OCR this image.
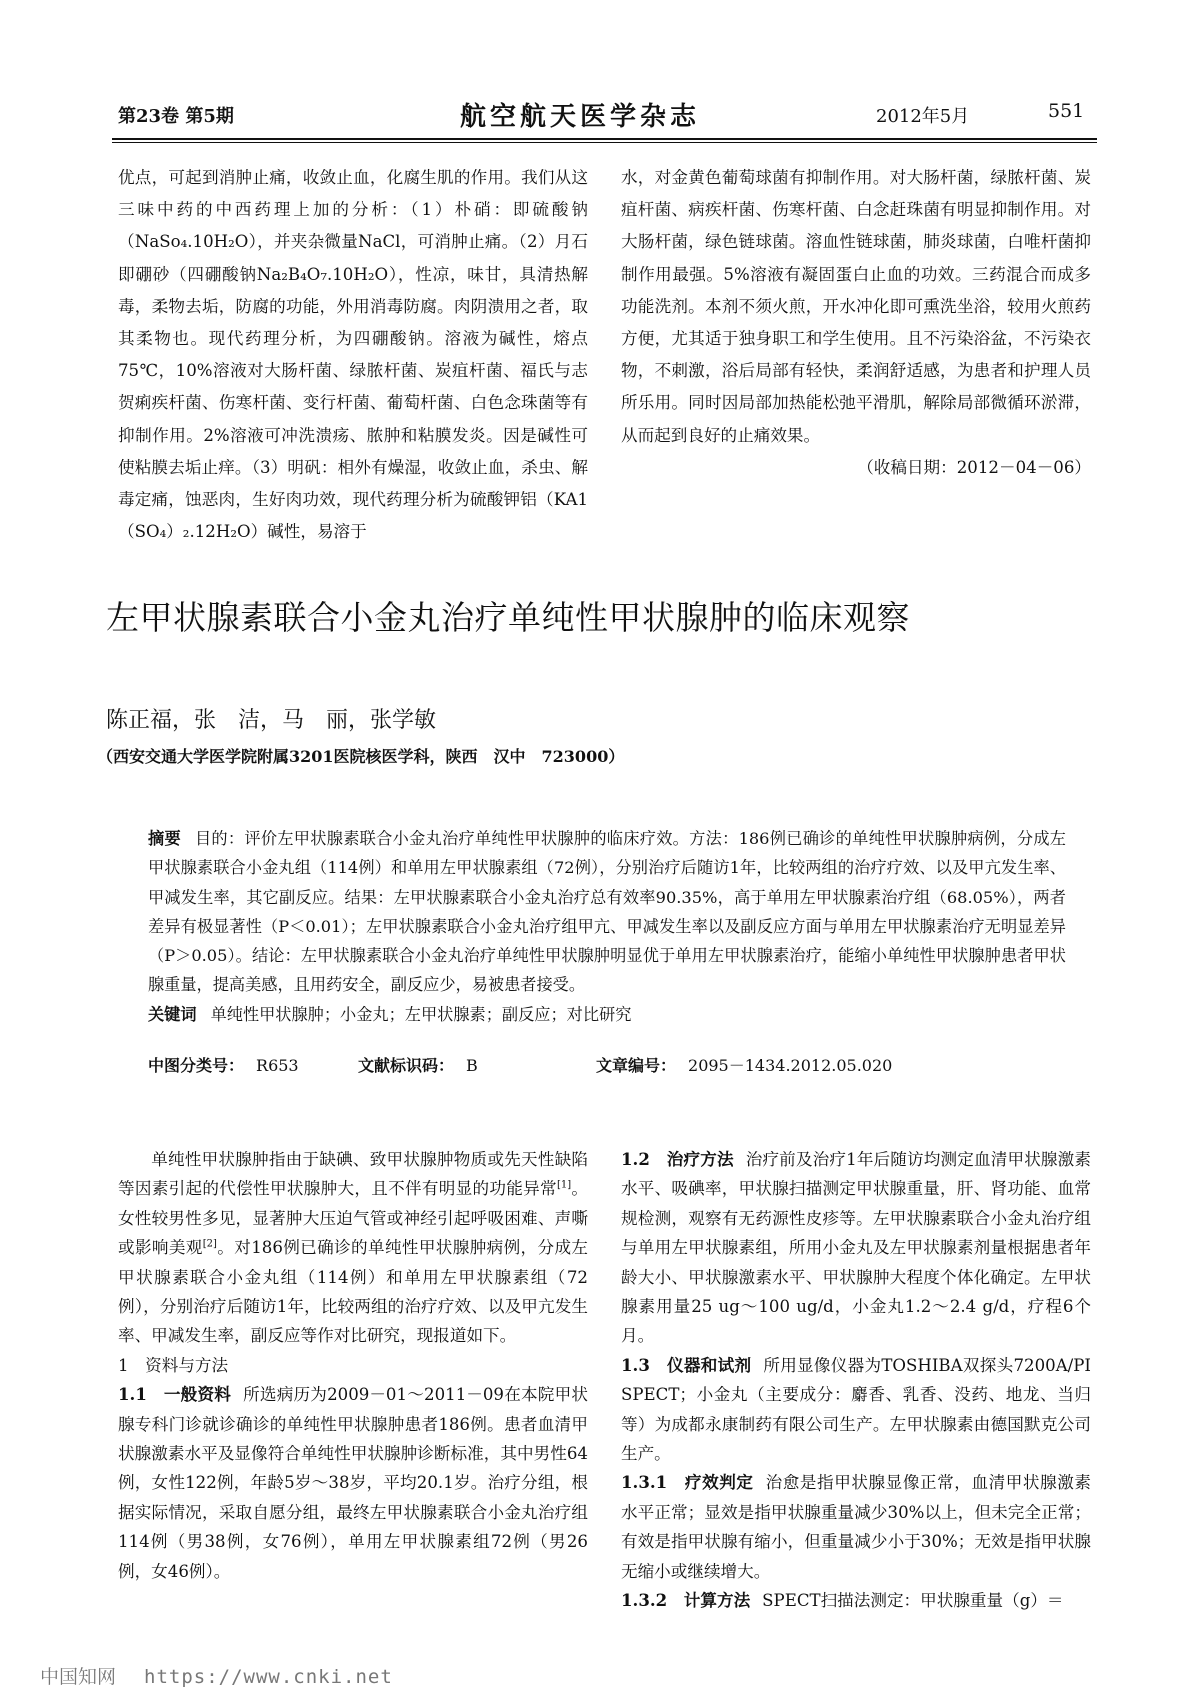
第23卷 第5期	航空航天医学杂志	2012年5月	551

优点，可起到消肿止痛，收敛止血，化腐生肌的作用。我们从这三味中药的中西药理上加的分析：（1）朴硝：即硫酸钠（NaSo₄.10H₂O），并夹杂微量NaCl，可消肿止痛。（2）月石即硼砂（四硼酸钠Na₂B₄O₇.10H₂O），性凉，味甘，具清热解毒，柔物去垢，防腐的功能，外用消毒防腐。肉阴溃用之者，取其柔物也。现代药理分析，为四硼酸钠。溶液为碱性，熔点75℃，10%溶液对大肠杆菌、绿脓杆菌、炭疽杆菌、福氏与志贺痢疾杆菌、伤寒杆菌、变行杆菌、葡萄杆菌、白色念珠菌等有抑制作用。2%溶液可冲洗溃疡、脓肿和粘膜发炎。因是碱性可使粘膜去垢止痒。（3）明矾：相外有燥湿，收敛止血，杀虫、解毒定痛，蚀恶肉，生好肉功效，现代药理分析为硫酸钾铝（KA1（SO₄）₂.12H₂O）碱性，易溶于

水，对金黄色葡萄球菌有抑制作用。对大肠杆菌，绿脓杆菌、炭疽杆菌、病疾杆菌、伤寒杆菌、白念赶珠菌有明显抑制作用。对大肠杆菌，绿色链球菌。溶血性链球菌，肺炎球菌，白唯杆菌抑制作用最强。5%溶液有凝固蛋白止血的功效。三药混合而成多功能洗剂。本剂不须火煎，开水冲化即可熏洗坐浴，较用火煎药方便，尤其适于独身职工和学生使用。且不污染浴盆，不污染衣物，不刺激，浴后局部有轻快，柔润舒适感，为患者和护理人员所乐用。同时因局部加热能松弛平滑肌，解除局部微循环淤滞，从而起到良好的止痛效果。

（收稿日期：2012－04－06）

左甲状腺素联合小金丸治疗单纯性甲状腺肿的临床观察
陈正福，张　洁，马　丽，张学敏
（西安交通大学医学院附属3201医院核医学科，陕西　汉中　723000）

摘要 目的：评价左甲状腺素联合小金丸治疗单纯性甲状腺肿的临床疗效。方法：186例已确诊的单纯性甲状腺肿病例，分成左甲状腺素联合小金丸组（114例）和单用左甲状腺素组（72例），分别治疗后随访1年，比较两组的治疗疗效、以及甲亢发生率、甲减发生率，其它副反应。结果：左甲状腺素联合小金丸治疗总有效率90.35%，高于单用左甲状腺素治疗组（68.05%），两者差异有极显著性（P＜0.01）；左甲状腺素联合小金丸治疗组甲亢、甲减发生率以及副反应方面与单用左甲状腺素治疗无明显差异（P＞0.05）。结论：左甲状腺素联合小金丸治疗单纯性甲状腺肿明显优于单用左甲状腺素治疗，能缩小单纯性甲状腺肿患者甲状腺重量，提高美感，且用药安全，副反应少，易被患者接受。

关键词 单纯性甲状腺肿；小金丸；左甲状腺素；副反应；对比研究

中图分类号： R653	文献标识码： B	文章编号： 2095－1434.2012.05.020

单纯性甲状腺肿指由于缺碘、致甲状腺肿物质或先天性缺陷等因素引起的代偿性甲状腺肿大，且不伴有明显的功能异常[1]。女性较男性多见，显著肿大压迫气管或神经引起呼吸困难、声嘶或影响美观[2]。对186例已确诊的单纯性甲状腺肿病例，分成左甲状腺素联合小金丸组（114例）和单用左甲状腺素组（72例），分别治疗后随访1年，比较两组的治疗疗效、以及甲亢发生率、甲减发生率，副反应等作对比研究，现报道如下。

1　资料与方法

1.1　一般资料 所选病历为2009－01～2011－09在本院甲状腺专科门诊就诊确诊的单纯性甲状腺肿患者186例。患者血清甲状腺激素水平及显像符合单纯性甲状腺肿诊断标准，其中男性64例，女性122例，年龄5岁～38岁，平均20.1岁。治疗分组，根据实际情况，采取自愿分组，最终左甲状腺素联合小金丸治疗组114例（男38例，女76例），单用左甲状腺素组72例（男26例，女46例）。

1.2　治疗方法 治疗前及治疗1年后随访均测定血清甲状腺激素水平、吸碘率，甲状腺扫描测定甲状腺重量，肝、肾功能、血常规检测，观察有无药源性皮疹等。左甲状腺素联合小金丸治疗组与单用左甲状腺素组，所用小金丸及左甲状腺素剂量根据患者年龄大小、甲状腺激素水平、甲状腺肿大程度个体化确定。左甲状腺素用量25 ug～100 ug/d，小金丸1.2～2.4 g/d，疗程6个月。

1.3　仪器和试剂 所用显像仪器为TOSHIBA双探头7200A/PI SPECT；小金丸（主要成分：麝香、乳香、没药、地龙、当归等）为成都永康制药有限公司生产。左甲状腺素由德国默克公司生产。

1.3.1　疗效判定 治愈是指甲状腺显像正常，血清甲状腺激素水平正常；显效是指甲状腺重量减少30%以上，但未完全正常；有效是指甲状腺有缩小，但重量减少小于30%；无效是指甲状腺无缩小或继续增大。

1.3.2　计算方法 SPECT扫描法测定：甲状腺重量（g）＝

中国知网 https://www.cnki.net
